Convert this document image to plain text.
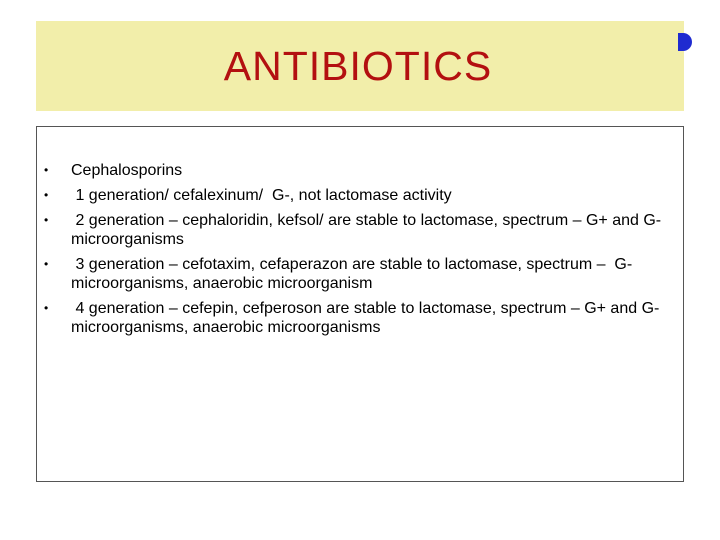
ANTIBIOTICS
• Cephalosporins
• 1 generation/ cefalexinum/  G-, not lactomase activity
• 2 generation – cephaloridin, kefsol/ are stable to lactomase, spectrum – G+ and G- microorganisms
• 3 generation – cefotaxim, cefaperazon are stable to lactomase, spectrum –  G- microorganisms, anaerobic microorganism
• 4 generation – cefepin, cefperoson are stable to lactomase, spectrum – G+ and G- microorganisms, anaerobic microorganisms
